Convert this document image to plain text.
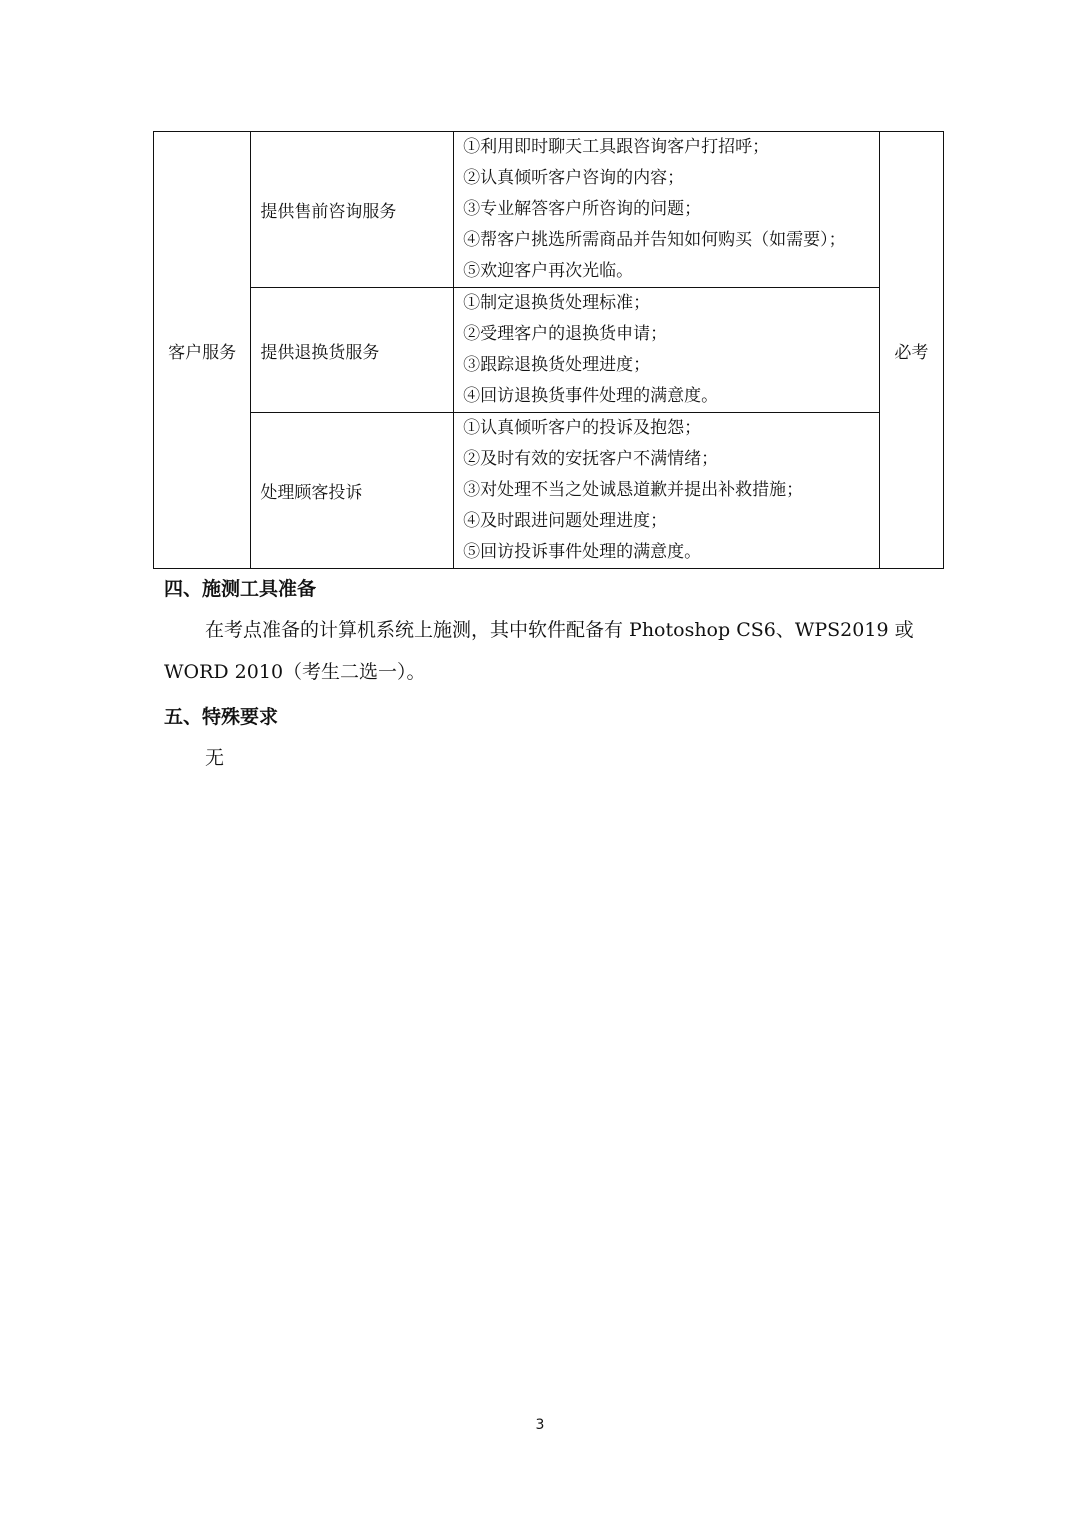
客户服务	提供售前咨询服务	①利用即时聊天工具跟咨询客户打招呼；
②认真倾听客户咨询的内容；
③专业解答客户所咨询的问题；
④帮客户挑选所需商品并告知如何购买（如需要）；
⑤欢迎客户再次光临。	必考
	提供退换货服务	①制定退换货处理标准；
②受理客户的退换货申请；
③跟踪退换货处理进度；
④回访退换货事件处理的满意度。	

	处理顾客投诉	①认真倾听客户的投诉及抱怨；
②及时有效的安抚客户不满情绪；
③对处理不当之处诚恳道歉并提出补救措施；
④及时跟进问题处理进度；
⑤回访投诉事件处理的满意度。	
四、施测工具准备
在考点准备的计算机系统上施测，其中软件配备有 Photoshop CS6、WPS2019 或 WORD 2010（考生二选一）。
五、特殊要求
无
3
